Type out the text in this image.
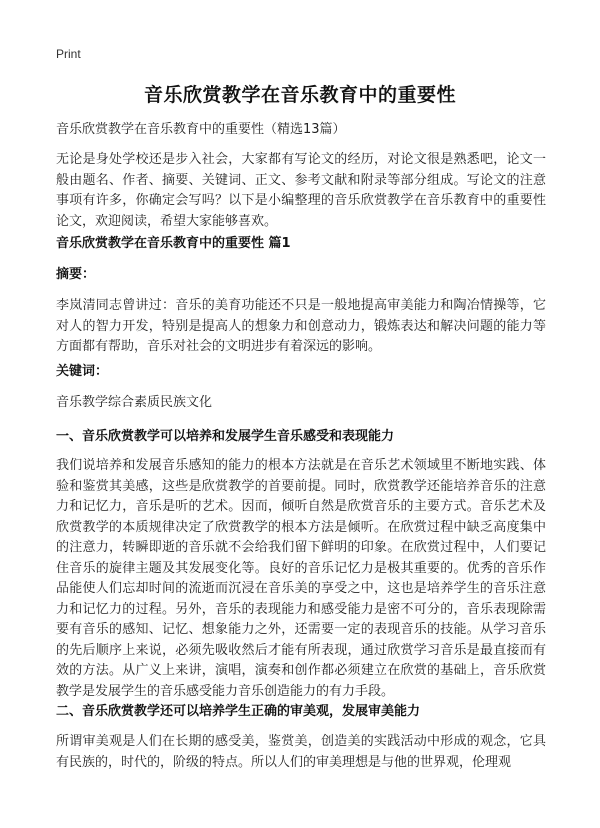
Print
音乐欣赏教学在音乐教育中的重要性
音乐欣赏教学在音乐教育中的重要性（精选13篇）
无论是身处学校还是步入社会，大家都有写论文的经历，对论文很是熟悉吧，论文一般由题名、作者、摘要、关键词、正文、参考文献和附录等部分组成。写论文的注意事项有许多，你确定会写吗？以下是小编整理的音乐欣赏教学在音乐教育中的重要性论文，欢迎阅读，希望大家能够喜欢。
音乐欣赏教学在音乐教育中的重要性 篇1
摘要：
李岚清同志曾讲过：音乐的美育功能还不只是一般地提高审美能力和陶冶情操等，它对人的智力开发，特别是提高人的想象力和创意动力，锻炼表达和解决问题的能力等方面都有帮助，音乐对社会的文明进步有着深远的影响。
关键词：
音乐教学综合素质民族文化
一、音乐欣赏教学可以培养和发展学生音乐感受和表现能力
我们说培养和发展音乐感知的能力的根本方法就是在音乐艺术领域里不断地实践、体验和鉴赏其美感，这些是欣赏教学的首要前提。同时，欣赏教学还能培养音乐的注意力和记忆力，音乐是听的艺术。因而，倾听自然是欣赏音乐的主要方式。音乐艺术及欣赏教学的本质规律决定了欣赏教学的根本方法是倾听。在欣赏过程中缺乏高度集中的注意力，转瞬即逝的音乐就不会给我们留下鲜明的印象。在欣赏过程中，人们要记住音乐的旋律主题及其发展变化等。良好的音乐记忆力是极其重要的。优秀的音乐作品能使人们忘却时间的流逝而沉浸在音乐美的享受之中，这也是培养学生的音乐注意力和记忆力的过程。另外，音乐的表现能力和感受能力是密不可分的，音乐表现除需要有音乐的感知、记忆、想象能力之外，还需要一定的表现音乐的技能。从学习音乐的先后顺序上来说，必须先吸收然后才能有所表现，通过欣赏学习音乐是最直接而有效的方法。从广义上来讲，演唱，演奏和创作都必须建立在欣赏的基础上，音乐欣赏教学是发展学生的音乐感受能力音乐创造能力的有力手段。
二、音乐欣赏教学还可以培养学生正确的审美观，发展审美能力
所谓审美观是人们在长期的感受美，鉴赏美，创造美的实践活动中形成的观念，它具有民族的，时代的，阶级的特点。所以人们的审美理想是与他的世界观，伦理观
